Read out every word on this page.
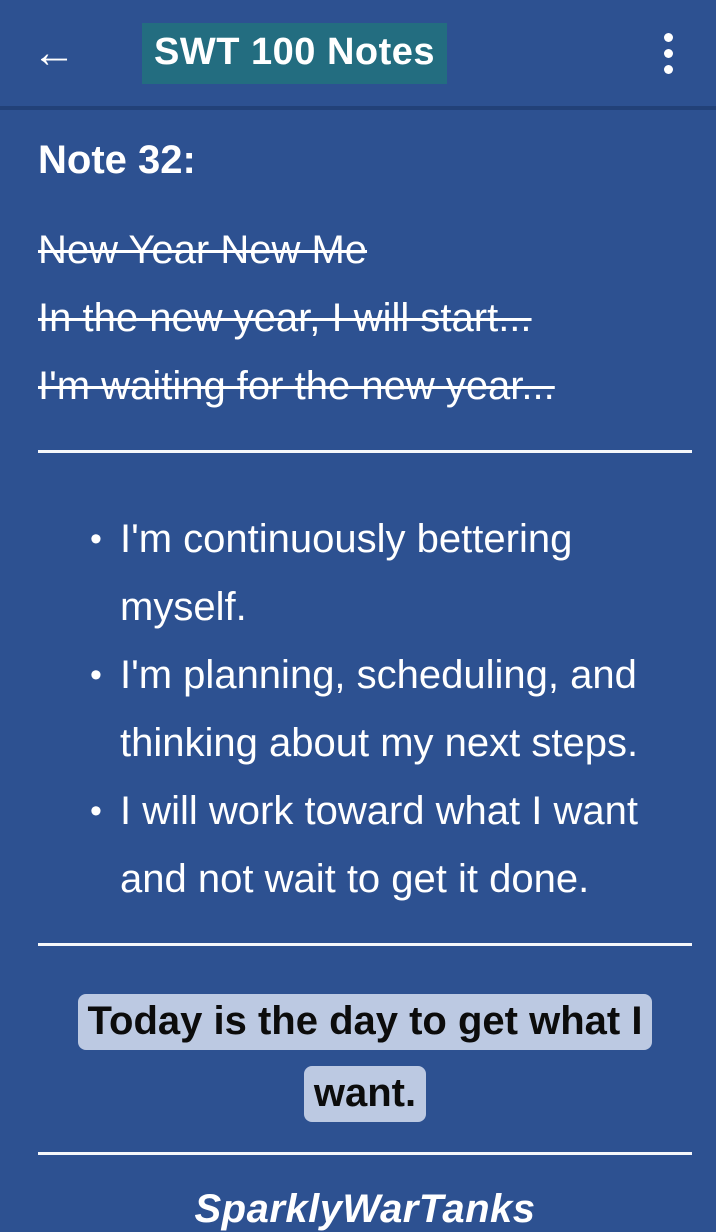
←	SWT 100 Notes

Note 32:

New Year New Me

In the new year, I will start...

I'm waiting for the new year...

• I'm continuously bettering myself.
• I'm planning, scheduling, and thinking about my next steps.
• I will work toward what I want and not wait to get it done.
Today is the day to get what I
want.

SparklyWarTanks
